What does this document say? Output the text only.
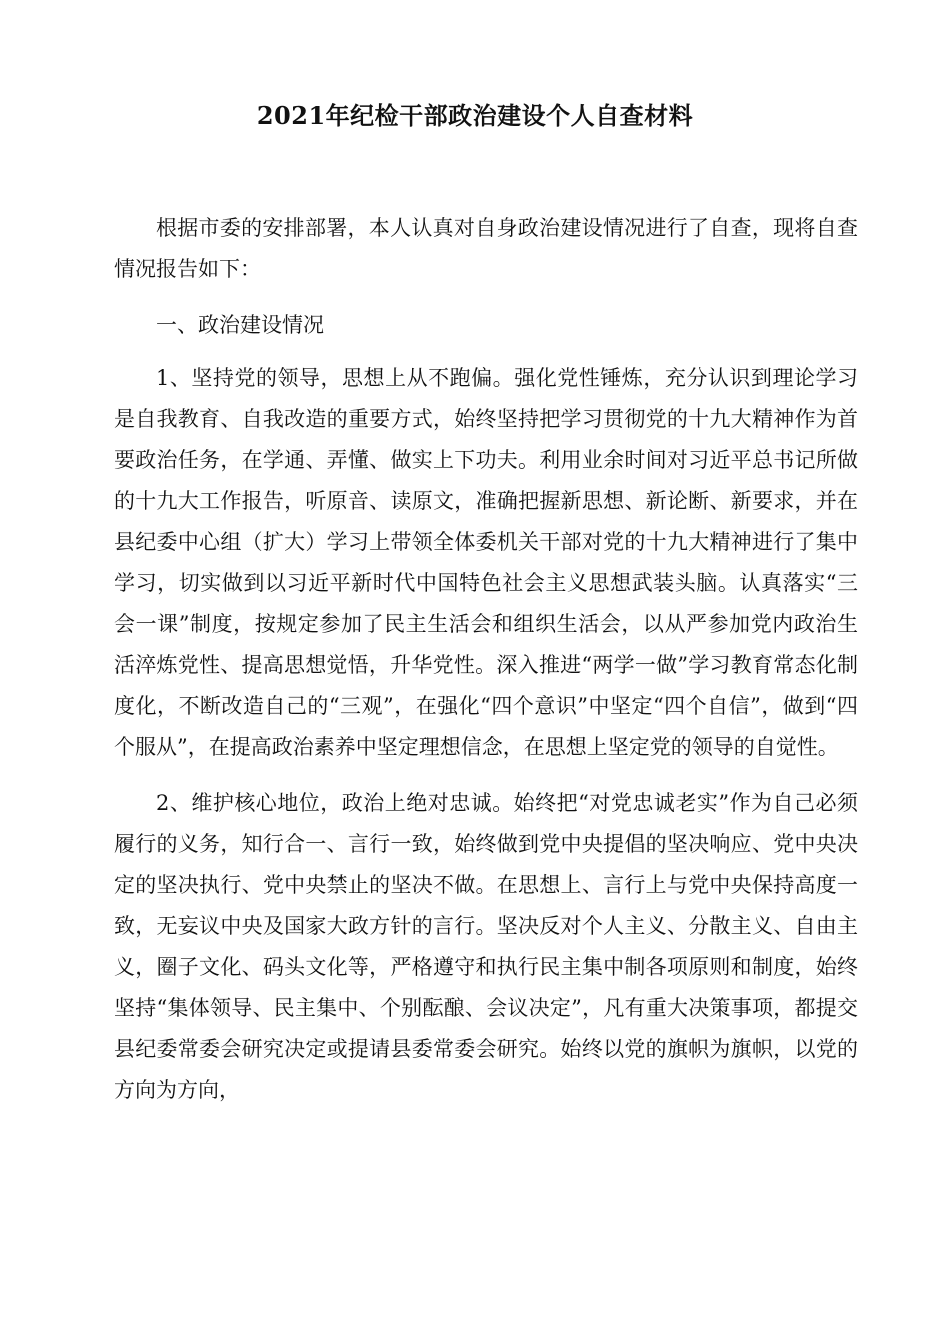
2021年纪检干部政治建设个人自查材料

根据市委的安排部署，本人认真对自身政治建设情况进行了自查，现将自查情况报告如下：

一、政治建设情况

1、坚持党的领导，思想上从不跑偏。强化党性锤炼，充分认识到理论学习是自我教育、自我改造的重要方式，始终坚持把学习贯彻党的十九大精神作为首要政治任务，在学通、弄懂、做实上下功夫。利用业余时间对习近平总书记所做的十九大工作报告，听原音、读原文，准确把握新思想、新论断、新要求，并在县纪委中心组（扩大）学习上带领全体委机关干部对党的十九大精神进行了集中学习，切实做到以习近平新时代中国特色社会主义思想武装头脑。认真落实“三会一课”制度，按规定参加了民主生活会和组织生活会，以从严参加党内政治生活淬炼党性、提高思想觉悟，升华党性。深入推进“两学一做”学习教育常态化制度化，不断改造自己的“三观”，在强化“四个意识”中坚定“四个自信”，做到“四个服从”，在提高政治素养中坚定理想信念，在思想上坚定党的领导的自觉性。

2、维护核心地位，政治上绝对忠诚。始终把“对党忠诚老实”作为自己必须履行的义务，知行合一、言行一致，始终做到党中央提倡的坚决响应、党中央决定的坚决执行、党中央禁止的坚决不做。在思想上、言行上与党中央保持高度一致，无妄议中央及国家大政方针的言行。坚决反对个人主义、分散主义、自由主义，圈子文化、码头文化等，严格遵守和执行民主集中制各项原则和制度，始终坚持“集体领导、民主集中、个别酝酿、会议决定”，凡有重大决策事项，都提交县纪委常委会研究决定或提请县委常委会研究。始终以党的旗帜为旗帜，以党的方向为方向，
